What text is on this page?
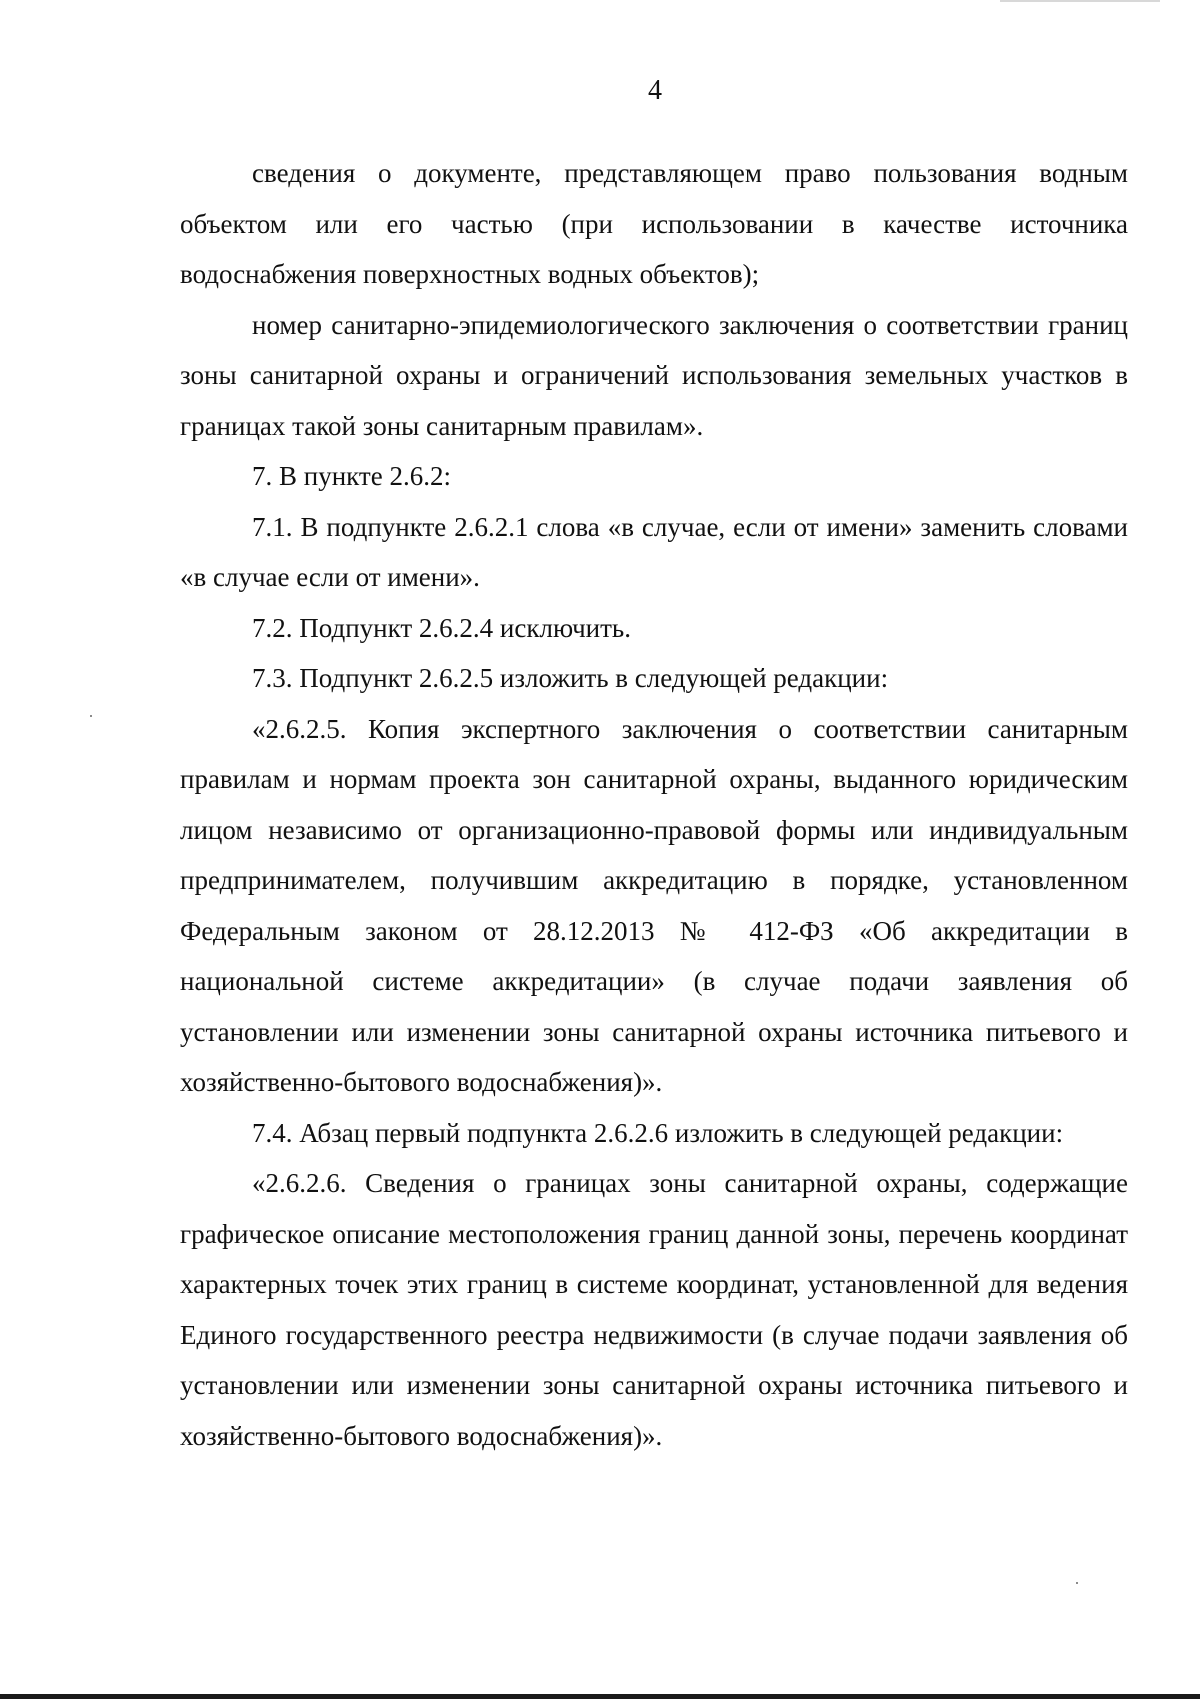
4

сведения о документе, представляющем право пользования водным объектом или его частью (при использовании в качестве источника водоснабжения поверхностных водных объектов);

номер санитарно-эпидемиологического заключения о соответствии границ зоны санитарной охраны и ограничений использования земельных участков в границах такой зоны санитарным правилам».

7. В пункте 2.6.2:

7.1. В подпункте 2.6.2.1 слова «в случае, если от имени» заменить словами «в случае если от имени».

7.2. Подпункт 2.6.2.4 исключить.

7.3. Подпункт 2.6.2.5 изложить в следующей редакции:

«2.6.2.5. Копия экспертного заключения о соответствии санитарным правилам и нормам проекта зон санитарной охраны, выданного юридическим лицом независимо от организационно-правовой формы или индивидуальным предпринимателем, получившим аккредитацию в порядке, установленном Федеральным законом от 28.12.2013 № 412-ФЗ «Об аккредитации в национальной системе аккредитации» (в случае подачи заявления об установлении или изменении зоны санитарной охраны источника питьевого и хозяйственно-бытового водоснабжения)».

7.4. Абзац первый подпункта 2.6.2.6 изложить в следующей редакции:

«2.6.2.6. Сведения о границах зоны санитарной охраны, содержащие графическое описание местоположения границ данной зоны, перечень координат характерных точек этих границ в системе координат, установленной для ведения Единого государственного реестра недвижимости (в случае подачи заявления об установлении или изменении зоны санитарной охраны источника питьевого и хозяйственно-бытового водоснабжения)».
